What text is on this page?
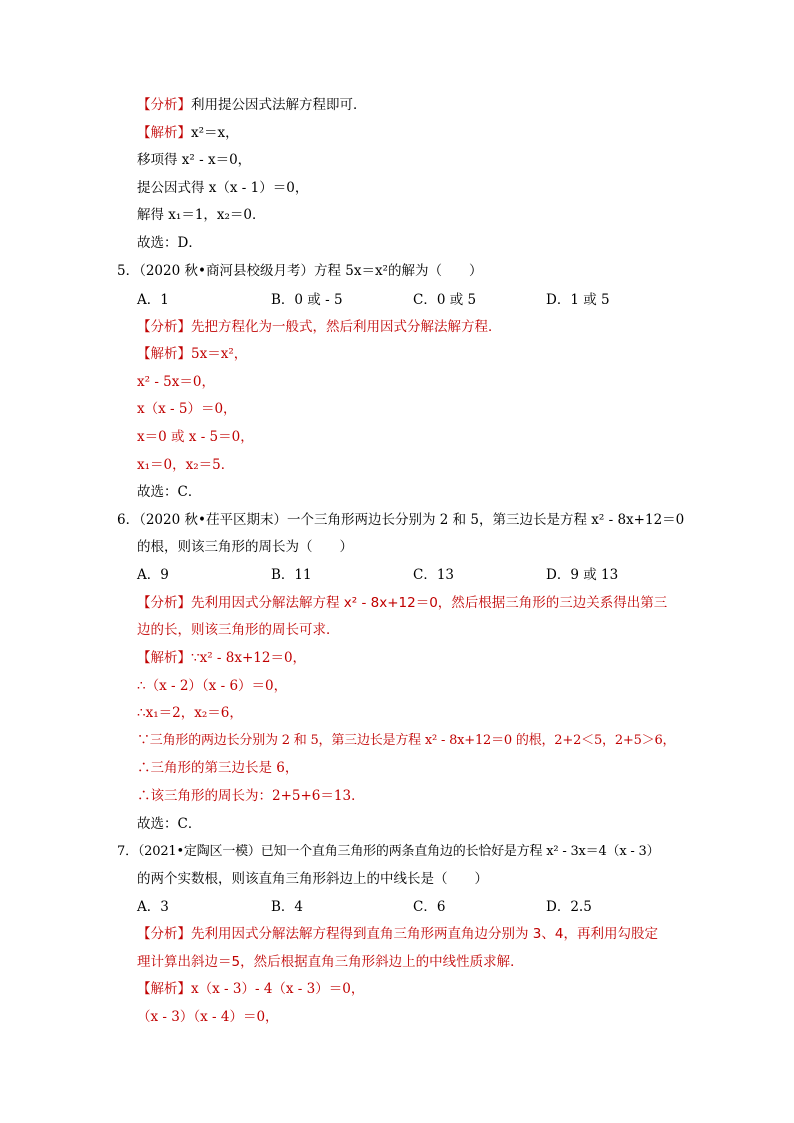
【分析】利用提公因式法解方程即可．
【解析】x²＝x，
移项得 x² - x＝0，
提公因式得 x（x - 1）＝0，
解得 x₁＝1，x₂＝0．
故选：D．
5．（2020 秋•商河县校级月考）方程 5x＝x²的解为（　　）
A．1	B．0 或 - 5	C．0 或 5	D．1 或 5
【分析】先把方程化为一般式，然后利用因式分解法解方程．
【解析】5x＝x²，
x² - 5x＝0，
x（x - 5）＝0，
x＝0 或 x - 5＝0，
x₁＝0，x₂＝5．
故选：C．
6．（2020 秋•茌平区期末）一个三角形两边长分别为 2 和 5，第三边长是方程 x² - 8x+12＝0
的根，则该三角形的周长为（　　）
A．9	B．11	C．13	D．9 或 13
【分析】先利用因式分解法解方程 x² - 8x+12＝0，然后根据三角形的三边关系得出第三
边的长，则该三角形的周长可求．
【解析】∵x² - 8x+12＝0，
∴（x - 2）（x - 6）＝0，
∴x₁＝2，x₂＝6，
∵三角形的两边长分别为 2 和 5，第三边长是方程 x² - 8x+12＝0 的根，2+2＜5，2+5＞6，
∴三角形的第三边长是 6，
∴该三角形的周长为：2+5+6＝13．
故选：C．
7．（2021•定陶区一模）已知一个直角三角形的两条直角边的长恰好是方程 x² - 3x＝4（x - 3）
的两个实数根，则该直角三角形斜边上的中线长是（　　）
A．3	B．4	C．6	D．2.5
【分析】先利用因式分解法解方程得到直角三角形两直角边分别为 3、4，再利用勾股定
理计算出斜边＝5，然后根据直角三角形斜边上的中线性质求解．
【解析】x（x - 3）- 4（x - 3）＝0，
（x - 3）（x - 4）＝0，
